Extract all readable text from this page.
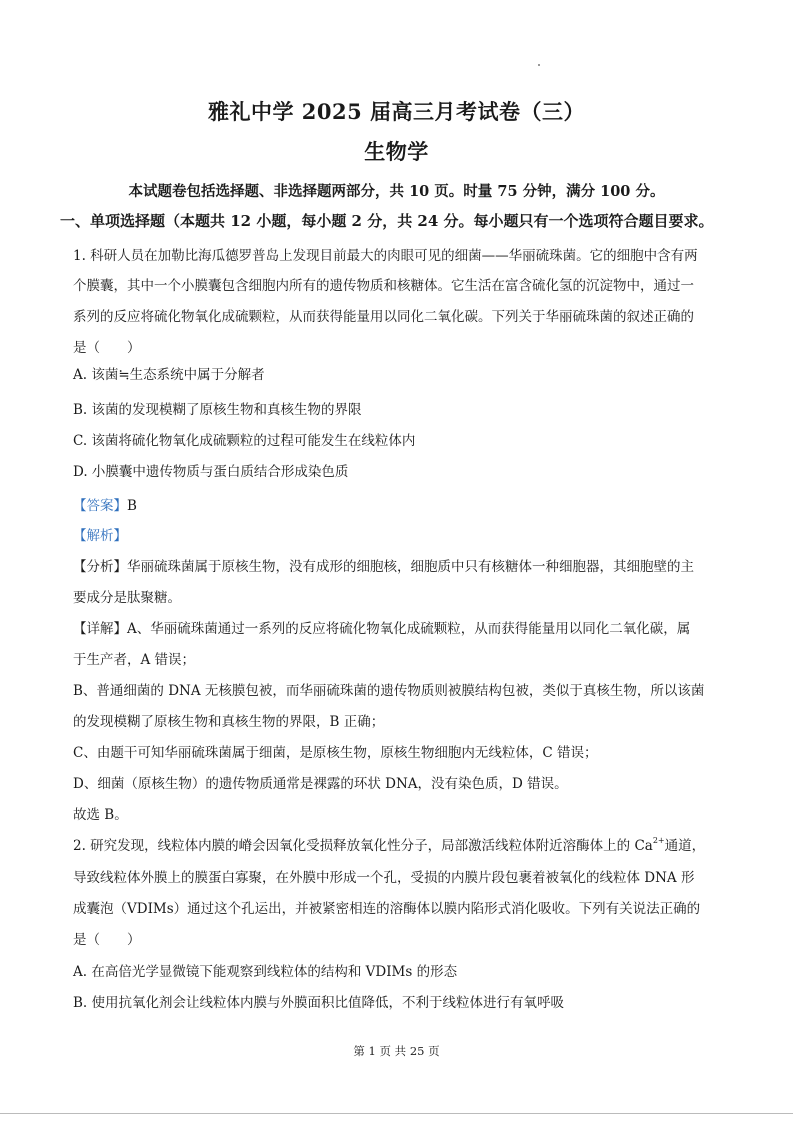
雅礼中学 2025 届高三月考试卷（三）
生物学
本试题卷包括选择题、非选择题两部分，共 10 页。时量 75 分钟，满分 100 分。
一、单项选择题（本题共 12 小题，每小题 2 分，共 24 分。每小题只有一个选项符合题目要求。
1. 科研人员在加勒比海瓜德罗普岛上发现目前最大的肉眼可见的细菌——华丽硫珠菌。它的细胞中含有两
个膜囊，其中一个小膜囊包含细胞内所有的遗传物质和核糖体。它生活在富含硫化氢的沉淀物中，通过一
系列的反应将硫化物氧化成硫颗粒，从而获得能量用以同化二氧化碳。下列关于华丽硫珠菌的叙述正确的
是（　　）
A. 该菌≒生态系统中属于分解者
B. 该菌的发现模糊了原核生物和真核生物的界限
C. 该菌将硫化物氧化成硫颗粒的过程可能发生在线粒体内
D. 小膜囊中遗传物质与蛋白质结合形成染色质
【答案】B
【解析】
【分析】华丽硫珠菌属于原核生物，没有成形的细胞核，细胞质中只有核糖体一种细胞器，其细胞壁的主
要成分是肽聚糖。
【详解】A、华丽硫珠菌通过一系列的反应将硫化物氧化成硫颗粒，从而获得能量用以同化二氧化碳，属
于生产者，A 错误；
B、普通细菌的 DNA 无核膜包被，而华丽硫珠菌的遗传物质则被膜结构包被，类似于真核生物，所以该菌
的发现模糊了原核生物和真核生物的界限，B 正确；
C、由题干可知华丽硫珠菌属于细菌，是原核生物，原核生物细胞内无线粒体，C 错误；
D、细菌（原核生物）的遗传物质通常是裸露的环状 DNA，没有染色质，D 错误。
故选 B。
2. 研究发现，线粒体内膜的嵴会因氧化受损释放氧化性分子，局部激活线粒体附近溶酶体上的 $Ca^{2+}$通道，
导致线粒体外膜上的膜蛋白寡聚，在外膜中形成一个孔，受损的内膜片段包裹着被氧化的线粒体 DNA 形
成囊泡（VDIMs）通过这个孔运出，并被紧密相连的溶酶体以膜内陷形式消化吸收。下列有关说法正确的
是（　　）
A. 在高倍光学显微镜下能观察到线粒体的结构和 VDIMs 的形态
B. 使用抗氧化剂会让线粒体内膜与外膜面积比值降低，不利于线粒体进行有氧呼吸
第 1 页 共 25 页
